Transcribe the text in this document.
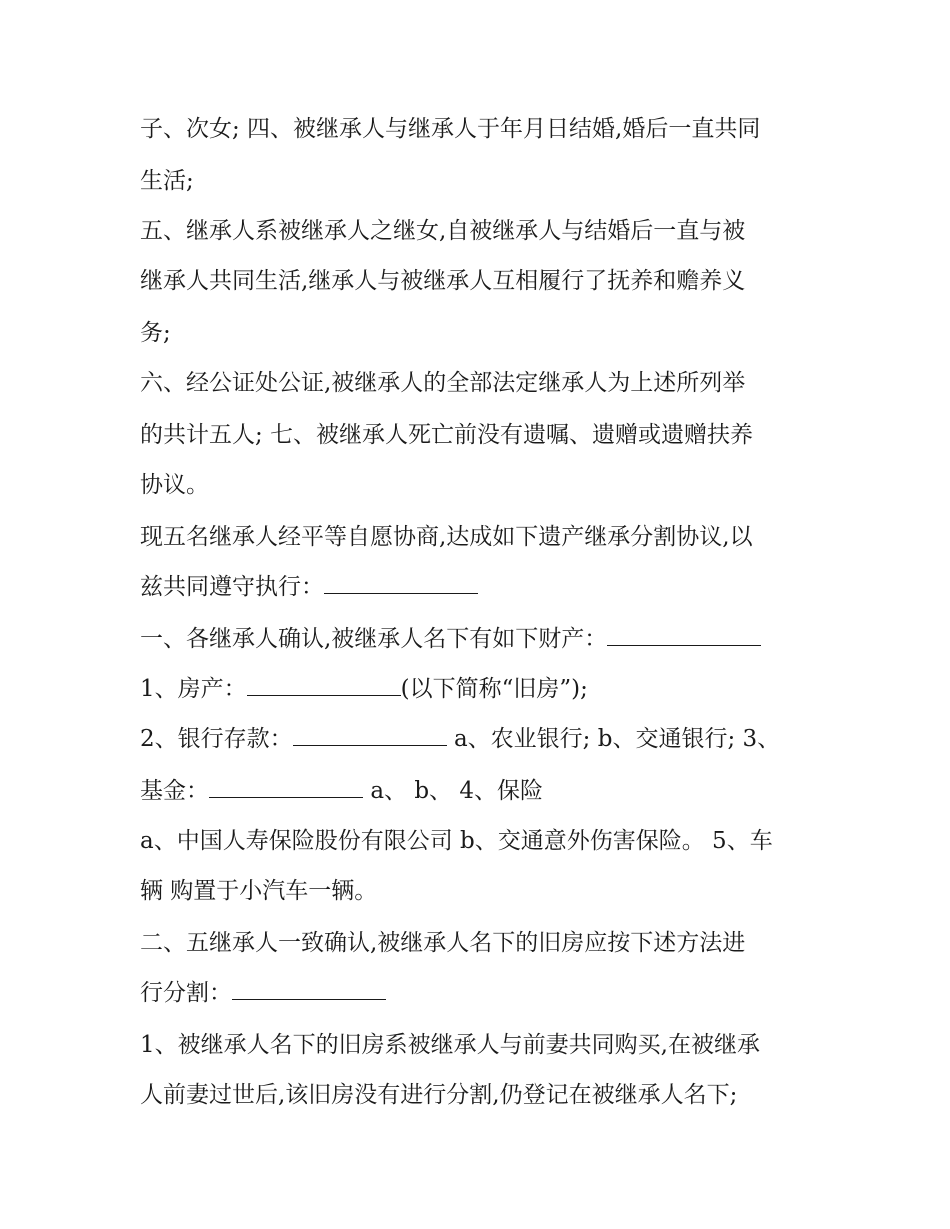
子、次女; 四、被继承人与继承人于年月日结婚,婚后一直共同
生活;
五、继承人系被继承人之继女,自被继承人与结婚后一直与被
继承人共同生活,继承人与被继承人互相履行了抚养和赡养义
务;
六、经公证处公证,被继承人的全部法定继承人为上述所列举
的共计五人; 七、被继承人死亡前没有遗嘱、遗赠或遗赠扶养
协议。
现五名继承人经平等自愿协商,达成如下遗产继承分割协议,以
兹共同遵守执行：
一、各继承人确认,被继承人名下有如下财产：
1、房产：	(以下简称“旧房”);
2、银行存款：	a、农业银行; b、交通银行; 3、
基金：	a、 b、 4、保险
a、中国人寿保险股份有限公司 b、交通意外伤害保险。 5、车
辆 购置于小汽车一辆。
二、五继承人一致确认,被继承人名下的旧房应按下述方法进
行分割：
1、被继承人名下的旧房系被继承人与前妻共同购买,在被继承
人前妻过世后,该旧房没有进行分割,仍登记在被继承人名下;
